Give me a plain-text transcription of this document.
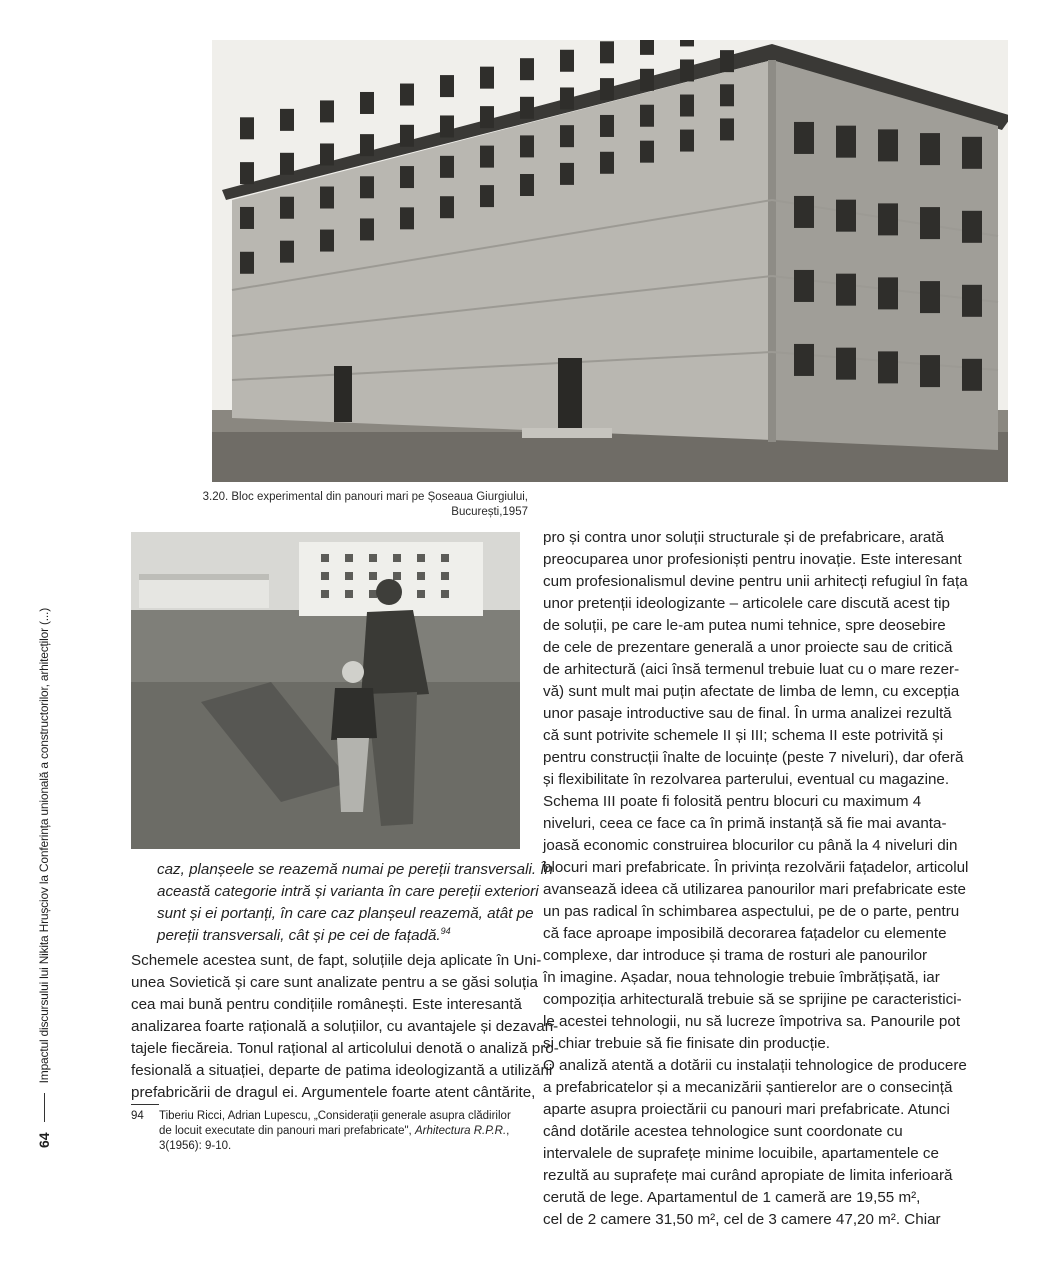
3.20. Bloc experimental din panouri mari pe Șoseaua Giurgiului,
București,1957
64
Impactul discursului lui Nikita Hrușciov la Conferința unională a constructorilor, arhitecților (...)	caz, planșeele se reazemă numai pe pereții transversali. În
această categorie intră și varianta în care pereții exteriori
sunt și ei portanți, în care caz planșeul reazemă, atât pe
pereții transversali, cât și pe cei de fațadă.$^{94}$
Schemele acestea sunt, de fapt, soluțiile deja aplicate în Uni-
unea Sovietică și care sunt analizate pentru a se găsi soluția
cea mai bună pentru condițiile românești. Este interesantă
analizarea foarte rațională a soluțiilor, cu avantajele și dezavan-
tajele fiecăreia. Tonul rațional al articolului denotă o analiză pro-
fesională a situației, departe de patima ideologizantă a utilizării
prefabricării de dragul ei. Argumentele foarte atent cântărite,
94	Tiberiu Ricci, Adrian Lupescu, „Considerații generale asupra clădirilor de locuit executate din panouri mari prefabricate", Arhitectura R.P.R., 3(1956): 9-10.
pro și contra unor soluții structurale și de prefabricare, arată
preocuparea unor profesioniști pentru inovație. Este interesant
cum profesionalismul devine pentru unii arhitecți refugiul în fața
unor pretenții ideologizante – articolele care discută acest tip
de soluții, pe care le-am putea numi tehnice, spre deosebire
de cele de prezentare generală a unor proiecte sau de critică
de arhitectură (aici însă termenul trebuie luat cu o mare rezer-
vă) sunt mult mai puțin afectate de limba de lemn, cu excepția
unor pasaje introductive sau de final. În urma analizei rezultă
că sunt potrivite schemele II și III; schema II este potrivită și
pentru construcții înalte de locuințe (peste 7 niveluri), dar oferă
și flexibilitate în rezolvarea parterului, eventual cu magazine.
Schema III poate fi folosită pentru blocuri cu maximum 4
niveluri, ceea ce face ca în primă instanță să fie mai avanta-
joasă economic construirea blocurilor cu până la 4 niveluri din
blocuri mari prefabricate. În privința rezolvării fațadelor, articolul
avansează ideea că utilizarea panourilor mari prefabricate este
un pas radical în schimbarea aspectului, pe de o parte, pentru
că face aproape imposibilă decorarea fațadelor cu elemente
complexe, dar introduce și trama de rosturi ale panourilor
în imagine. Așadar, noua tehnologie trebuie îmbrățișată, iar
compoziția arhitecturală trebuie să se sprijine pe caracteristici-
le acestei tehnologii, nu să lucreze împotriva sa. Panourile pot
și chiar trebuie să fie finisate din producție.
O analiză atentă a dotării cu instalații tehnologice de producere
a prefabricatelor și a mecanizării șantierelor are o consecință
aparte asupra proiectării cu panouri mari prefabricate. Atunci
când dotările acestea tehnologice sunt coordonate cu
intervalele de suprafețe minime locuibile, apartamentele ce
rezultă au suprafețe mai curând apropiate de limita inferioară
cerută de lege. Apartamentul de 1 cameră are 19,55 m²,
cel de 2 camere 31,50 m², cel de 3 camere 47,20 m². Chiar
